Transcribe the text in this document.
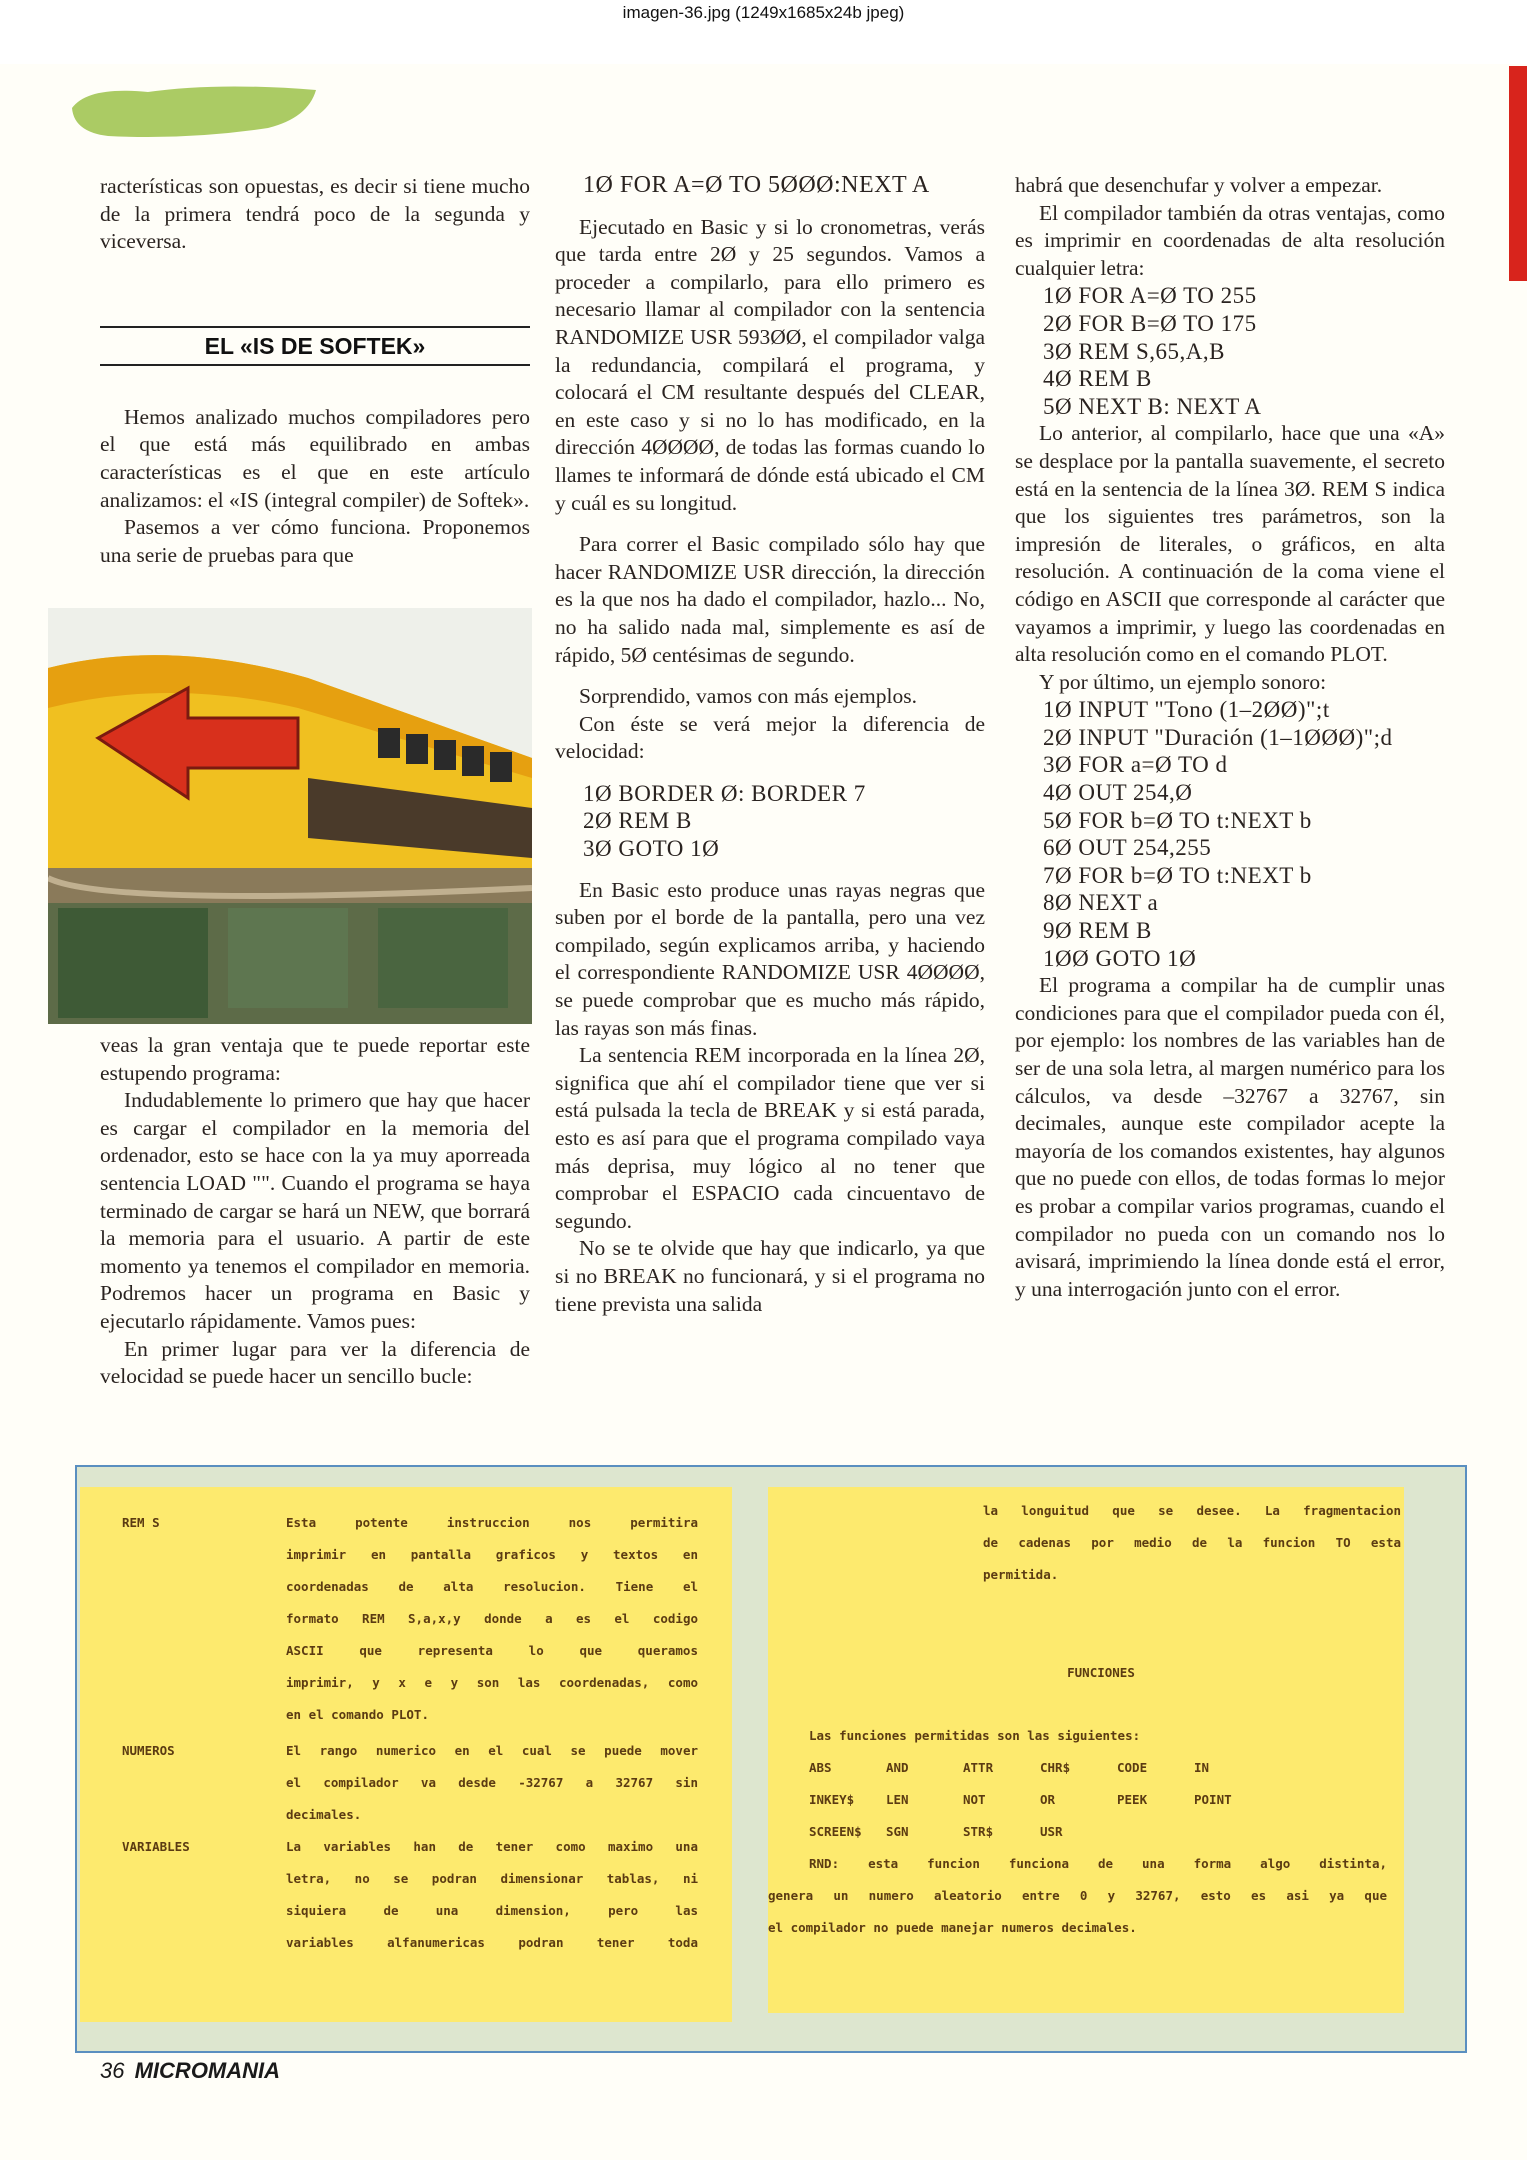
imagen-36.jpg (1249x1685x24b jpeg)

racterísticas son opuestas, es decir si tiene mucho de la primera tendrá poco de la segunda y viceversa.

EL «IS DE SOFTEK»

Hemos analizado muchos compiladores pero el que está más equilibrado en ambas características es el que en este artículo analizamos: el «IS (integral compiler) de Softek».

Pasemos a ver cómo funciona. Proponemos una serie de pruebas para que

veas la gran ventaja que te puede reportar este estupendo programa:

Indudablemente lo primero que hay que hacer es cargar el compilador en la memoria del ordenador, esto se hace con la ya muy aporreada sentencia LOAD "". Cuando el programa se haya terminado de cargar se hará un NEW, que borrará la memoria para el usuario. A partir de este momento ya tenemos el compilador en memoria. Podremos hacer un programa en Basic y ejecutarlo rápidamente. Vamos pues:

En primer lugar para ver la diferencia de velocidad se puede hacer un sencillo bucle:

1Ø FOR A=Ø TO 5ØØØ:NEXT A

Ejecutado en Basic y si lo cronometras, verás que tarda entre 2Ø y 25 segundos. Vamos a proceder a compilarlo, para ello primero es necesario llamar al compilador con la sentencia RANDOMIZE USR 593ØØ, el compilador valga la redundancia, compilará el programa, y colocará el CM resultante después del CLEAR, en este caso y si no lo has modificado, en la dirección 4ØØØØ, de todas las formas cuando lo llames te informará de dónde está ubicado el CM y cuál es su longitud.

Para correr el Basic compilado sólo hay que hacer RANDOMIZE USR dirección, la dirección es la que nos ha dado el compilador, hazlo... No, no ha salido nada mal, simplemente es así de rápido, 5Ø centésimas de segundo.

Sorprendido, vamos con más ejemplos.

Con éste se verá mejor la diferencia de velocidad:

1Ø BORDER Ø: BORDER 7
2Ø REM B
3Ø GOTO 1Ø

En Basic esto produce unas rayas negras que suben por el borde de la pantalla, pero una vez compilado, según explicamos arriba, y haciendo el correspondiente RANDOMIZE USR 4ØØØØ, se puede comprobar que es mucho más rápido, las rayas son más finas.

La sentencia REM incorporada en la línea 2Ø, significa que ahí el compilador tiene que ver si está pulsada la tecla de BREAK y si está parada, esto es así para que el programa compilado vaya más deprisa, muy lógico al no tener que comprobar el ESPACIO cada cincuentavo de segundo.

No se te olvide que hay que indicarlo, ya que si no BREAK no funcionará, y si el programa no tiene prevista una salida

habrá que desenchufar y volver a empezar.

El compilador también da otras ventajas, como es imprimir en coordenadas de alta resolución cualquier letra:

1Ø FOR A=Ø TO 255
2Ø FOR B=Ø TO 175
3Ø REM S,65,A,B
4Ø REM B
5Ø NEXT B: NEXT A

Lo anterior, al compilarlo, hace que una «A» se desplace por la pantalla suavemente, el secreto está en la sentencia de la línea 3Ø. REM S indica que los siguientes tres parámetros, son la impresión de literales, o gráficos, en alta resolución. A continuación de la coma viene el código en ASCII que corresponde al carácter que vayamos a imprimir, y luego las coordenadas en alta resolución como en el comando PLOT.

Y por último, un ejemplo sonoro:

1Ø INPUT "Tono (1–2ØØ)";t
2Ø INPUT "Duración (1–1ØØØ)";d
3Ø FOR a=Ø TO d
4Ø OUT 254,Ø
5Ø FOR b=Ø TO t:NEXT b
6Ø OUT 254,255
7Ø FOR b=Ø TO t:NEXT b
8Ø NEXT a
9Ø REM B
1ØØ GOTO 1Ø

El programa a compilar ha de cumplir unas condiciones para que el compilador pueda con él, por ejemplo: los nombres de las variables han de ser de una sola letra, al margen numérico para los cálculos, va desde –32767 a 32767, sin decimales, aunque este compilador acepte la mayoría de los comandos existentes, hay algunos que no puede con ellos, de todas formas lo mejor es probar a compilar varios programas, cuando el compilador no pueda con un comando nos lo avisará, imprimiendo la línea donde está el error, y una interrogación junto con el error.

REM S	Esta potente instruccion nos permitira
imprimir en pantalla graficos y textos en
coordenadas de alta resolucion. Tiene el
formato REM S,a,x,y donde a es el codigo
ASCII que representa lo que queramos
imprimir, y x e y son las coordenadas, como
en el comando PLOT.
NUMEROS	El rango numerico en el cual se puede mover
el compilador va desde -32767 a 32767 sin
decimales.
VARIABLES	La variables han de tener como maximo una
letra, no se podran dimensionar tablas, ni
siquiera de una dimension, pero las
variables alfanumericas podran tener toda
la longuitud que se desee. La fragmentacion
de cadenas por medio de la funcion TO esta
permitida.
FUNCIONES
Las funciones permitidas son las siguientes:
ABS	AND	ATTR	CHR$	CODE	IN
INKEY$	LEN	NOT	OR	PEEK	POINT
SCREEN$ SGN	STR$	USR
RND: esta funcion funciona de una forma algo distinta,
genera un numero aleatorio entre 0 y 32767, esto es asi ya que
el compilador no puede manejar numeros decimales.
36 MICROMANIA
